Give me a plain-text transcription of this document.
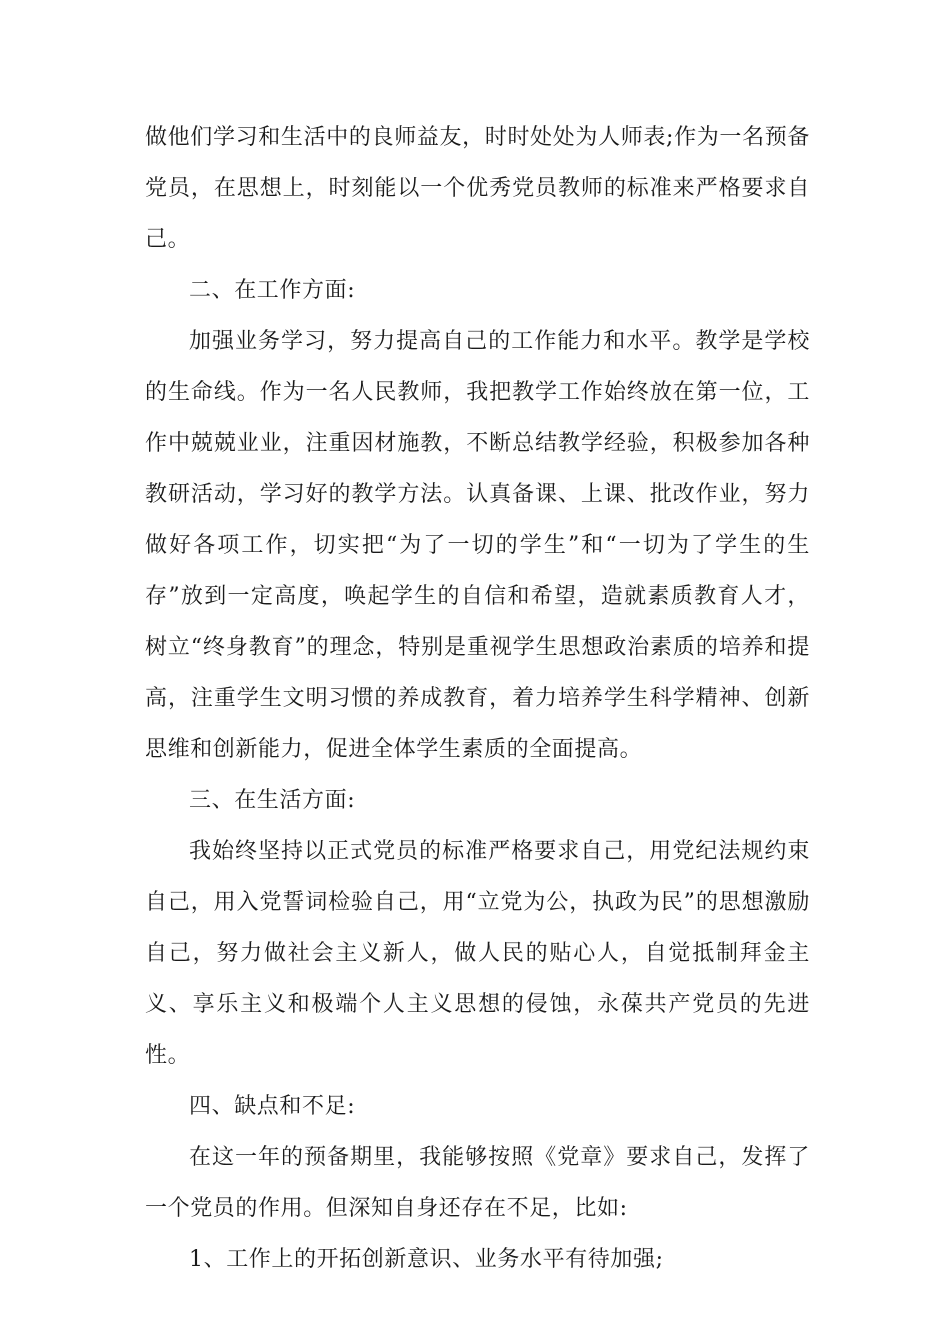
做他们学习和生活中的良师益友，时时处处为人师表;作为一名预备党员，在思想上，时刻能以一个优秀党员教师的标准来严格要求自己。

二、在工作方面:

加强业务学习，努力提高自己的工作能力和水平。教学是学校的生命线。作为一名人民教师，我把教学工作始终放在第一位，工作中兢兢业业，注重因材施教，不断总结教学经验，积极参加各种教研活动，学习好的教学方法。认真备课、上课、批改作业，努力做好各项工作，切实把“为了一切的学生”和“一切为了学生的生存”放到一定高度，唤起学生的自信和希望，造就素质教育人才，树立“终身教育”的理念，特别是重视学生思想政治素质的培养和提高，注重学生文明习惯的养成教育，着力培养学生科学精神、创新思维和创新能力，促进全体学生素质的全面提高。

三、在生活方面:

我始终坚持以正式党员的标准严格要求自己，用党纪法规约束自己，用入党誓词检验自己，用“立党为公，执政为民”的思想激励自己，努力做社会主义新人，做人民的贴心人，自觉抵制拜金主义、享乐主义和极端个人主义思想的侵蚀，永葆共产党员的先进性。

四、缺点和不足:

在这一年的预备期里，我能够按照《党章》要求自己，发挥了一个党员的作用。但深知自身还存在不足，比如:

1、工作上的开拓创新意识、业务水平有待加强;
